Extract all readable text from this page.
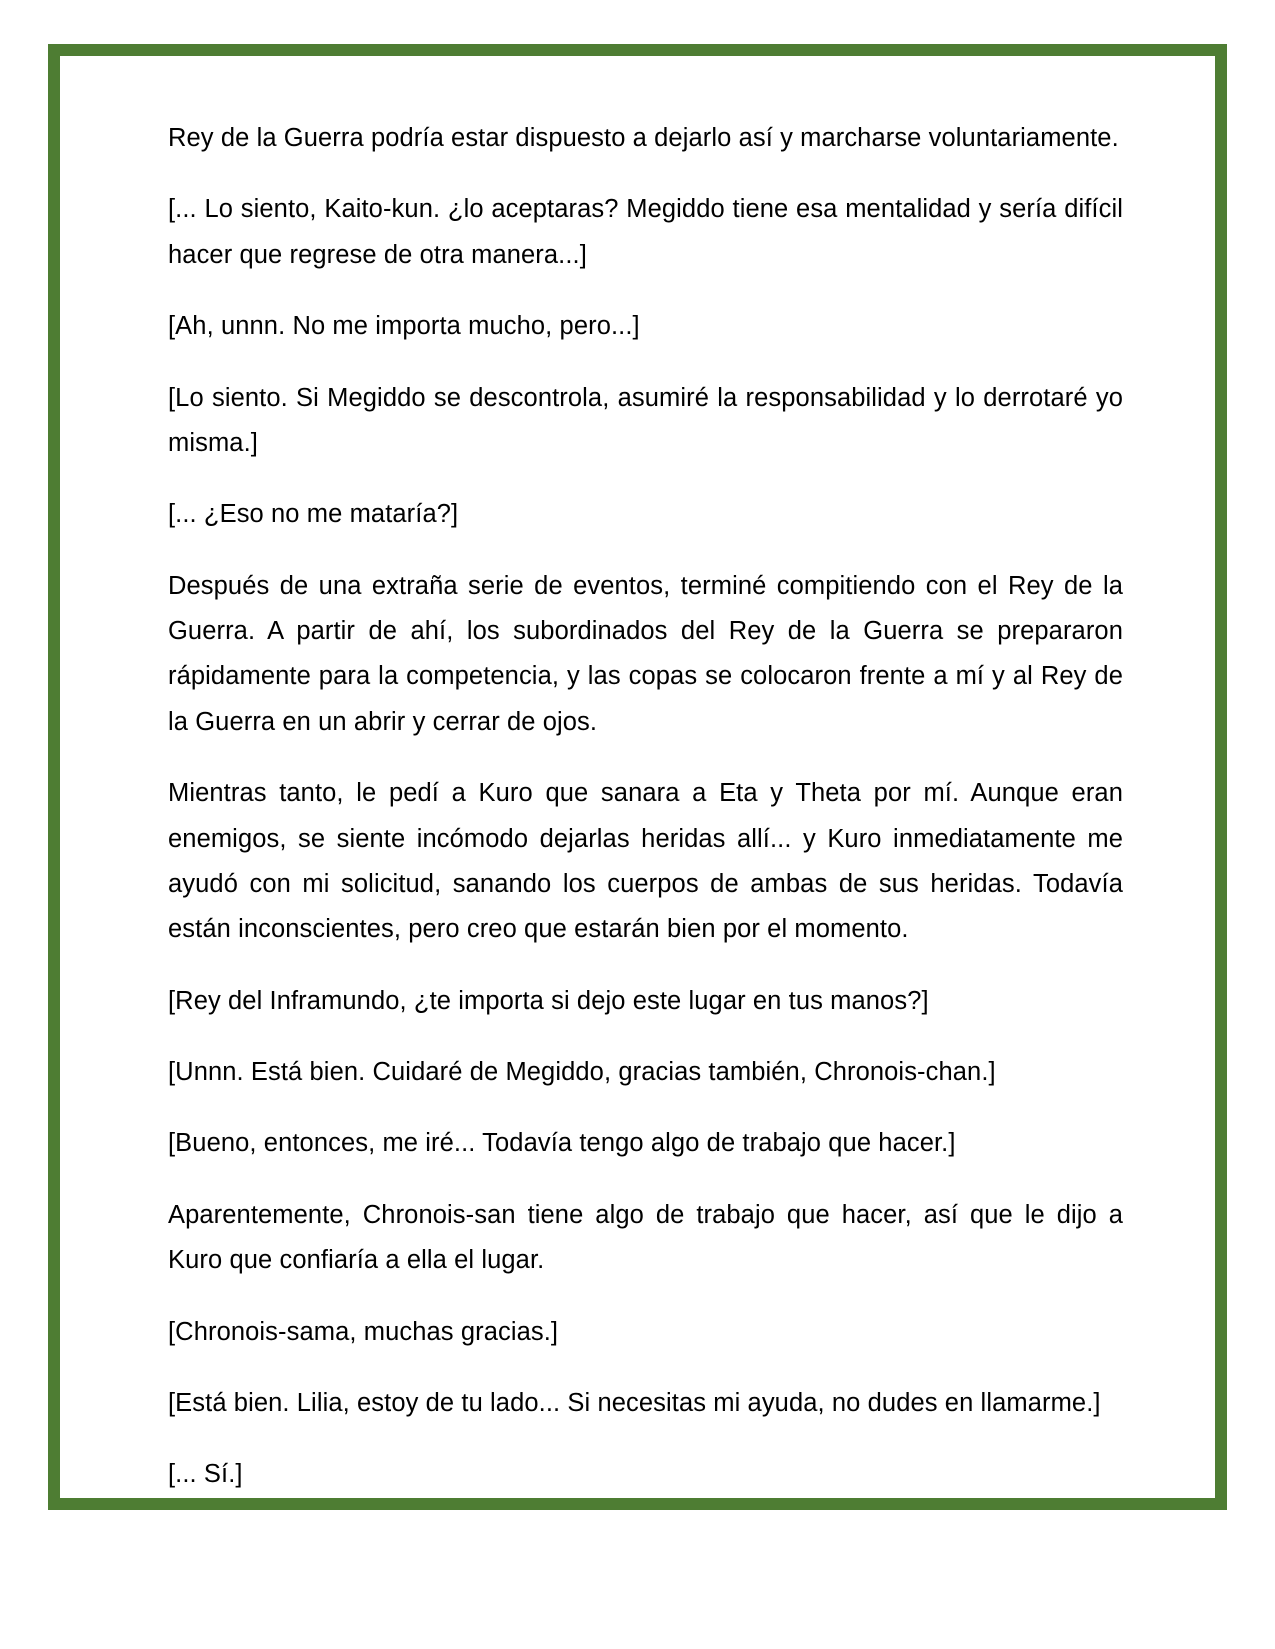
Rey de la Guerra podría estar dispuesto a dejarlo así y marcharse voluntariamente.

[... Lo siento, Kaito-kun. ¿lo aceptaras? Megiddo tiene esa mentalidad y sería difícil hacer que regrese de otra manera...]

[Ah, unnn. No me importa mucho, pero...]

[Lo siento. Si Megiddo se descontrola, asumiré la responsabilidad y lo derrotaré yo misma.]

[... ¿Eso no me mataría?]

Después de una extraña serie de eventos, terminé compitiendo con el Rey de la Guerra. A partir de ahí, los subordinados del Rey de la Guerra se prepararon rápidamente para la competencia, y las copas se colocaron frente a mí y al Rey de la Guerra en un abrir y cerrar de ojos.

Mientras tanto, le pedí a Kuro que sanara a Eta y Theta por mí. Aunque eran enemigos, se siente incómodo dejarlas heridas allí... y Kuro inmediatamente me ayudó con mi solicitud, sanando los cuerpos de ambas de sus heridas. Todavía están inconscientes, pero creo que estarán bien por el momento.

[Rey del Inframundo, ¿te importa si dejo este lugar en tus manos?]

[Unnn. Está bien. Cuidaré de Megiddo, gracias también, Chronois-chan.]

[Bueno, entonces, me iré... Todavía tengo algo de trabajo que hacer.]

Aparentemente, Chronois-san tiene algo de trabajo que hacer, así que le dijo a Kuro que confiaría a ella el lugar.

[Chronois-sama, muchas gracias.]

[Está bien. Lilia, estoy de tu lado... Si necesitas mi ayuda, no dudes en llamarme.]

[... Sí.]
